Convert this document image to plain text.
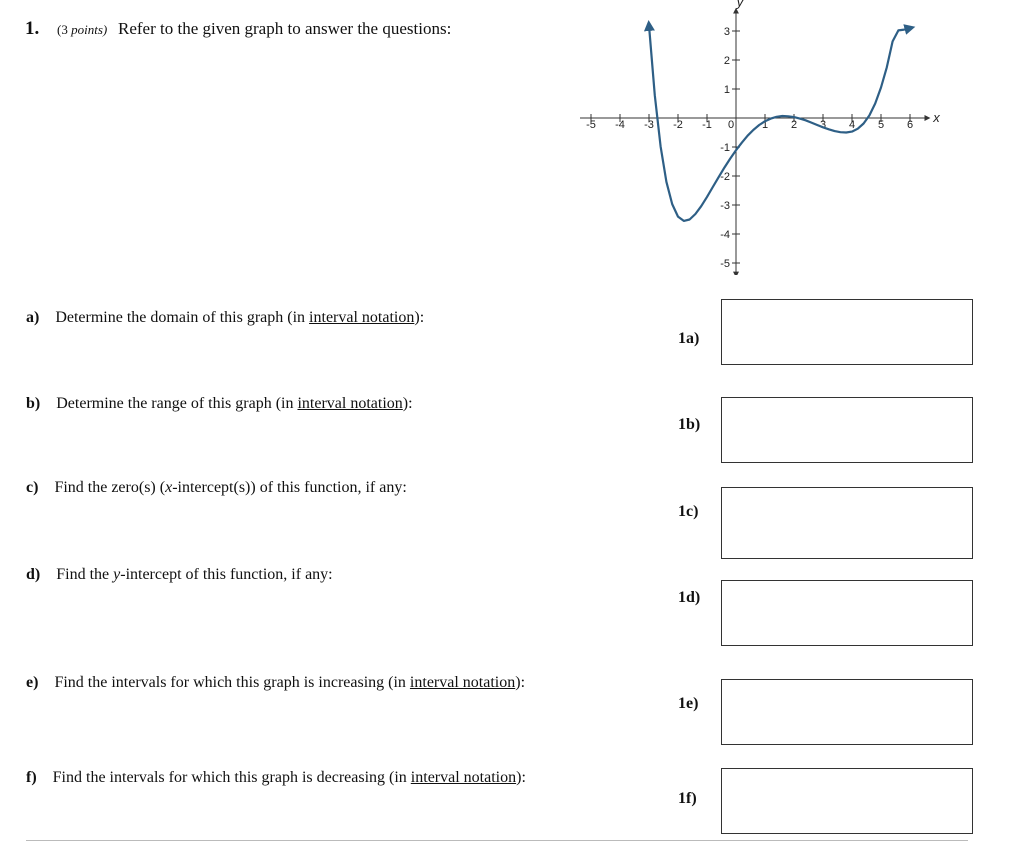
1. (3 points) Refer to the given graph to answer the questions:
-5 -4 -3 -2 -1 0	1 2 3 4 5 6
3
2
1
-1
-2
-3
-4
-5
x
y
a) Determine the domain of this graph (in interval notation):
1a)
b) Determine the range of this graph (in interval notation):
1b)
c) Find the zero(s) (x-intercept(s)) of this function, if any:
1c)
d) Find the y-intercept of this function, if any:
1d)
e) Find the intervals for which this graph is increasing (in interval notation):
1e)
f) Find the intervals for which this graph is decreasing (in interval notation):
1f)
